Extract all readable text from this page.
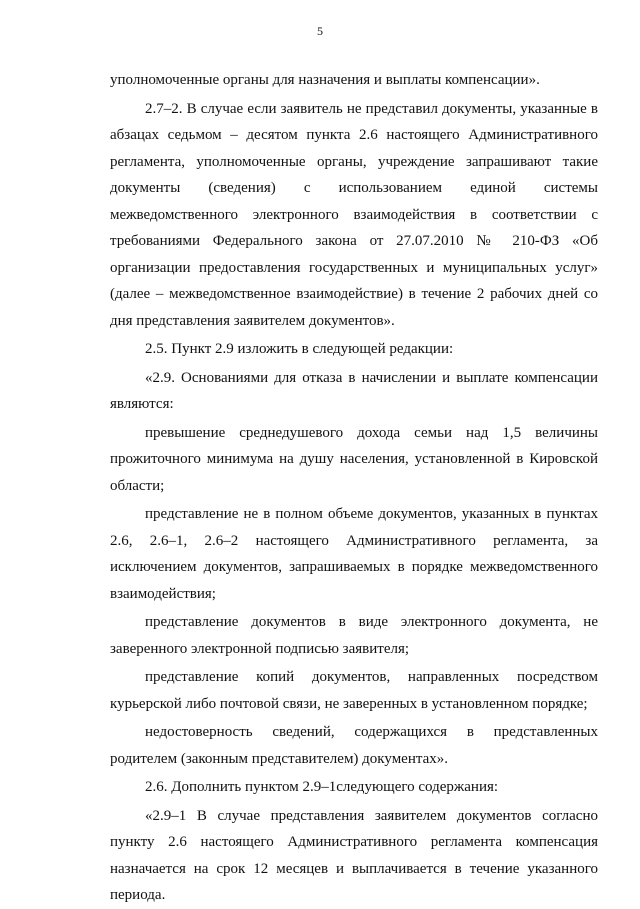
5

уполномоченные органы для назначения и выплаты компенсации».

2.7–2. В случае если заявитель не представил документы, указанные в абзацах седьмом – десятом пункта 2.6 настоящего Административного регламента, уполномоченные органы, учреждение запрашивают такие документы (сведения) с использованием единой системы межведомственного электронного взаимодействия в соответствии с требованиями Федерального закона от 27.07.2010 № 210-ФЗ «Об организации предоставления государственных и муниципальных услуг» (далее – межведомственное взаимодействие) в течение 2 рабочих дней со дня представления заявителем документов».

2.5. Пункт 2.9 изложить в следующей редакции:

«2.9. Основаниями для отказа в начислении и выплате компенсации являются:

превышение среднедушевого дохода семьи над 1,5 величины прожиточного минимума на душу населения, установленной в Кировской области;

представление не в полном объеме документов, указанных в пунктах 2.6, 2.6–1, 2.6–2 настоящего Административного регламента, за исключением документов, запрашиваемых в порядке межведомственного взаимодействия;

представление документов в виде электронного документа, не заверенного электронной подписью заявителя;

представление копий документов, направленных посредством курьерской либо почтовой связи, не заверенных в установленном порядке;

недостоверность сведений, содержащихся в представленных родителем (законным представителем) документах».

2.6. Дополнить пунктом 2.9–1следующего содержания:

«2.9–1 В случае представления заявителем документов согласно пункту 2.6 настоящего Административного регламента компенсация назначается на срок 12 месяцев и выплачивается в течение указанного периода.
